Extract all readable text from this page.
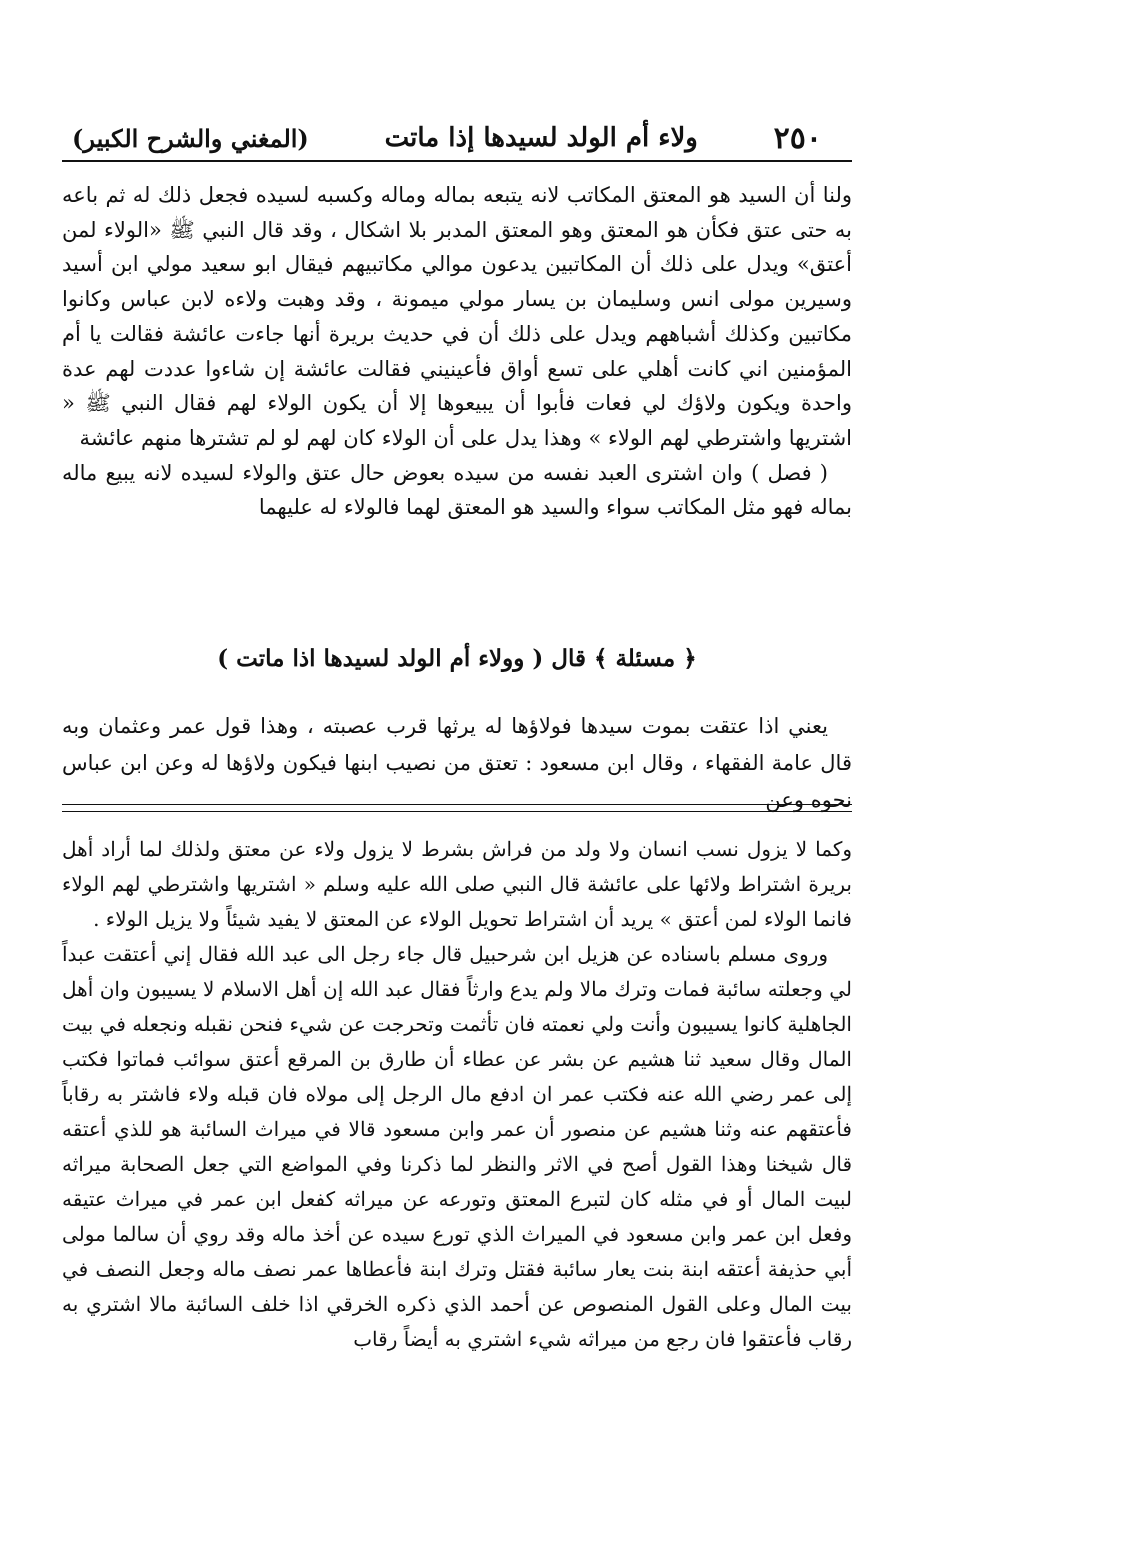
٢٥٠
ولاء أم الولد لسيدها إذا ماتت
(المغني والشرح الكبير)

ولنا أن السيد هو المعتق المكاتب لانه يتبعه بماله وماله وكسبه لسيده فجعل ذلك له ثم باعه به حتى عتق فكأن هو المعتق وهو المعتق المدبر بلا اشكال ، وقد قال النبي ﷺ «الولاء لمن أعتق» ويدل على ذلك أن المكاتبين يدعون موالي مكاتبيهم فيقال ابو سعيد مولي ابن أسيد وسيرين مولى انس وسليمان بن يسار مولي ميمونة ، وقد وهبت ولاءه لابن عباس وكانوا مكاتبين وكذلك أشباههم ويدل على ذلك أن في حديث بريرة أنها جاءت عائشة فقالت يا أم المؤمنين اني كانت أهلي على تسع أواق فأعينيني فقالت عائشة إن شاءوا عددت لهم عدة واحدة ويكون ولاؤك لي فعات فأبوا أن يبيعوها إلا أن يكون الولاء لهم فقال النبي ﷺ « اشتريها واشترطي لهم الولاء » وهذا يدل على أن الولاء كان لهم لو لم تشترها منهم عائشة

( فصل ) وان اشترى العبد نفسه من سيده بعوض حال عتق والولاء لسيده لانه يبيع ماله بماله فهو مثل المكاتب سواء والسيد هو المعتق لهما فالولاء له عليهما

﴿ مسئلة ﴾ قال ( وولاء أم الولد لسيدها اذا ماتت )

يعني اذا عتقت بموت سيدها فولاؤها له يرثها قرب عصبته ، وهذا قول عمر وعثمان وبه قال عامة الفقهاء ، وقال ابن مسعود : تعتق من نصيب ابنها فيكون ولاؤها له وعن ابن عباس نحوه وعن

وكما لا يزول نسب انسان ولا ولد من فراش بشرط لا يزول ولاء عن معتق ولذلك لما أراد أهل بريرة اشتراط ولائها على عائشة قال النبي صلى الله عليه وسلم « اشتريها واشترطي لهم الولاء فانما الولاء لمن أعتق » يريد أن اشتراط تحويل الولاء عن المعتق لا يفيد شيئاً ولا يزيل الولاء .

وروى مسلم باسناده عن هزيل ابن شرحبيل قال جاء رجل الى عبد الله فقال إني أعتقت عبداً لي وجعلته سائبة فمات وترك مالا ولم يدع وارثاً فقال عبد الله إن أهل الاسلام لا يسيبون وان أهل الجاهلية كانوا يسيبون وأنت ولي نعمته فان تأثمت وتحرجت عن شيء فنحن نقبله ونجعله في بيت المال وقال سعيد ثنا هشيم عن بشر عن عطاء أن طارق بن المرقع أعتق سوائب فماتوا فكتب إلى عمر رضي الله عنه فكتب عمر ان ادفع مال الرجل إلى مولاه فان قبله ولاء فاشتر به رقاباً فأعتقهم عنه وثنا هشيم عن منصور أن عمر وابن مسعود قالا في ميراث السائبة هو للذي أعتقه قال شيخنا وهذا القول أصح في الاثر والنظر لما ذكرنا وفي المواضع التي جعل الصحابة ميراثه لبيت المال أو في مثله كان لتبرع المعتق وتورعه عن ميراثه كفعل ابن عمر في ميراث عتيقه وفعل ابن عمر وابن مسعود في الميراث الذي تورع سيده عن أخذ ماله وقد روي أن سالما مولى أبي حذيفة أعتقه ابنة بنت يعار سائبة فقتل وترك ابنة فأعطاها عمر نصف ماله وجعل النصف في بيت المال وعلى القول المنصوص عن أحمد الذي ذكره الخرقي اذا خلف السائبة مالا اشتري به رقاب فأعتقوا فان رجع من ميراثه شيء اشتري به أيضاً رقاب
